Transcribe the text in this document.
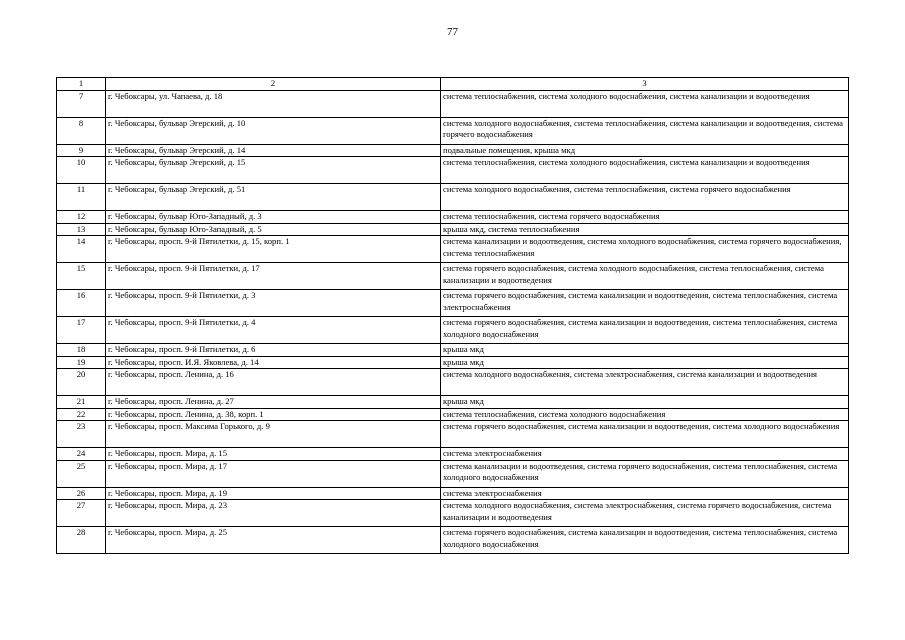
77
1	2	3
7	г. Чебоксары, ул. Чапаева, д. 18	система теплоснабжения, система холодного водоснабжения, система канализации и водоотведения
8	г. Чебоксары, бульвар Эгерский, д. 10	система холодного водоснабжения, система теплоснабжения, система канализации и водоотведения, система горячего водоснабжения
9	г. Чебоксары, бульвар Эгерский, д. 14	подвальные помещения, крыша мкд
10	г. Чебоксары, бульвар Эгерский, д. 15	система теплоснабжения, система холодного водоснабжения, система канализации и водоотведения
11	г. Чебоксары, бульвар Эгерский, д. 51	система холодного водоснабжения, система теплоснабжения, система горячего водоснабжения
12	г. Чебоксары, бульвар Юго-Западный, д. 3	система теплоснабжения, система горячего водоснабжения
13	г. Чебоксары, бульвар Юго-Западный, д. 5	крыша мкд, система теплоснабжения
14	г. Чебоксары, просп. 9-й Пятилетки, д. 15, корп. 1	система канализации и водоотведения, система холодного водоснабжения, система горячего водоснабжения, система теплоснабжения
15	г. Чебоксары, просп. 9-й Пятилетки, д. 17	система горячего водоснабжения, система холодного водоснабжения, система теплоснабжения, система канализации и водоотведения
16	г. Чебоксары, просп. 9-й Пятилетки, д. 3	система горячего водоснабжения, система канализации и водоотведения, система теплоснабжения, система электроснабжения
17	г. Чебоксары, просп. 9-й Пятилетки, д. 4	система горячего водоснабжения, система канализации и водоотведения, система теплоснабжения, система холодного водоснабжения
18	г. Чебоксары, просп. 9-й Пятилетки, д. 6	крыша мкд
19	г. Чебоксары, просп. И.Я. Яковлева, д. 14	крыша мкд
20	г. Чебоксары, просп. Ленина, д. 16	система холодного водоснабжения, система электроснабжения, система канализации и водоотведения
21	г. Чебоксары, просп. Ленина, д. 27	крыша мкд
22	г. Чебоксары, просп. Ленина, д. 38, корп. 1	система теплоснабжения, система холодного водоснабжения
23	г. Чебоксары, просп. Максима Горького, д. 9	система горячего водоснабжения, система канализации и водоотведения, система холодного водоснабжения
24	г. Чебоксары, просп. Мира, д. 15	система электроснабжения
25	г. Чебоксары, просп. Мира, д. 17	система канализации и водоотведения, система горячего водоснабжения, система теплоснабжения, система холодного водоснабжения
26	г. Чебоксары, просп. Мира, д. 19	система электроснабжения
27	г. Чебоксары, просп. Мира, д. 23	система холодного водоснабжения, система электроснабжения, система горячего водоснабжения, система канализации и водоотведения
28	г. Чебоксары, просп. Мира, д. 25	система горячего водоснабжения, система канализации и водоотведения, система теплоснабжения, система холодного водоснабжения
